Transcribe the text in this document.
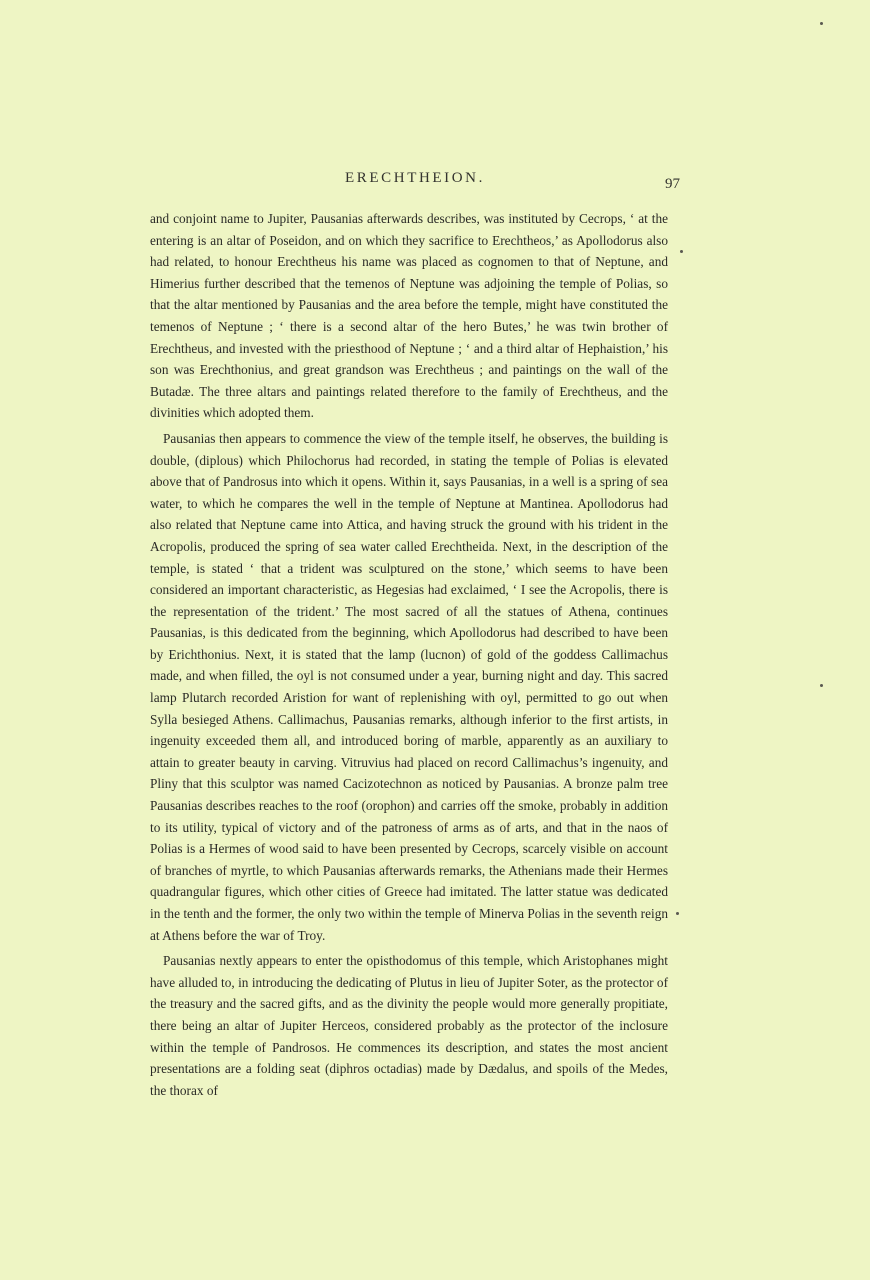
ERECHTHEION.	97

and conjoint name to Jupiter, Pausanias afterwards describes, was instituted by Cecrops, ‘ at the entering is an altar of Poseidon, and on which they sacrifice to Erechtheos,’ as Apollodorus also had related, to honour Erechtheus his name was placed as cognomen to that of Neptune, and Himerius further described that the temenos of Neptune was adjoining the temple of Polias, so that the altar mentioned by Pausanias and the area before the temple, might have constituted the temenos of Neptune ; ‘ there is a second altar of the hero Butes,’ he was twin brother of Erechtheus, and invested with the priesthood of Neptune ; ‘ and a third altar of Hephaistion,’ his son was Erechthonius, and great grandson was Erechtheus ; and paintings on the wall of the Butadæ. The three altars and paintings related therefore to the family of Erechtheus, and the divinities which adopted them.

Pausanias then appears to commence the view of the temple itself, he observes, the building is double, (diplous) which Philochorus had recorded, in stating the temple of Polias is elevated above that of Pandrosus into which it opens. Within it, says Pausanias, in a well is a spring of sea water, to which he compares the well in the temple of Neptune at Mantinea. Apollodorus had also related that Neptune came into Attica, and having struck the ground with his trident in the Acropolis, produced the spring of sea water called Erechtheida. Next, in the description of the temple, is stated ‘ that a trident was sculptured on the stone,’ which seems to have been considered an important characteristic, as Hegesias had exclaimed, ‘ I see the Acropolis, there is the representation of the trident.’ The most sacred of all the statues of Athena, continues Pausanias, is this dedicated from the beginning, which Apollodorus had described to have been by Erichthonius. Next, it is stated that the lamp (lucnon) of gold of the goddess Callimachus made, and when filled, the oyl is not consumed under a year, burning night and day. This sacred lamp Plutarch recorded Aristion for want of replenishing with oyl, permitted to go out when Sylla besieged Athens. Callimachus, Pausanias remarks, although inferior to the first artists, in ingenuity exceeded them all, and introduced boring of marble, apparently as an auxiliary to attain to greater beauty in carving. Vitruvius had placed on record Callimachus’s ingenuity, and Pliny that this sculptor was named Cacizotechnon as noticed by Pausanias. A bronze palm tree Pausanias describes reaches to the roof (orophon) and carries off the smoke, probably in addition to its utility, typical of victory and of the patroness of arms as of arts, and that in the naos of Polias is a Hermes of wood said to have been presented by Cecrops, scarcely visible on account of branches of myrtle, to which Pausanias afterwards remarks, the Athenians made their Hermes quadrangular figures, which other cities of Greece had imitated. The latter statue was dedicated in the tenth and the former, the only two within the temple of Minerva Polias in the seventh reign at Athens before the war of Troy.

Pausanias nextly appears to enter the opisthodomus of this temple, which Aristophanes might have alluded to, in introducing the dedicating of Plutus in lieu of Jupiter Soter, as the protector of the treasury and the sacred gifts, and as the divinity the people would more generally propitiate, there being an altar of Jupiter Herceos, considered probably as the protector of the inclosure within the temple of Pandrosos. He commences its description, and states the most ancient presentations are a folding seat (diphros octadias) made by Dædalus, and spoils of the Medes, the thorax of
